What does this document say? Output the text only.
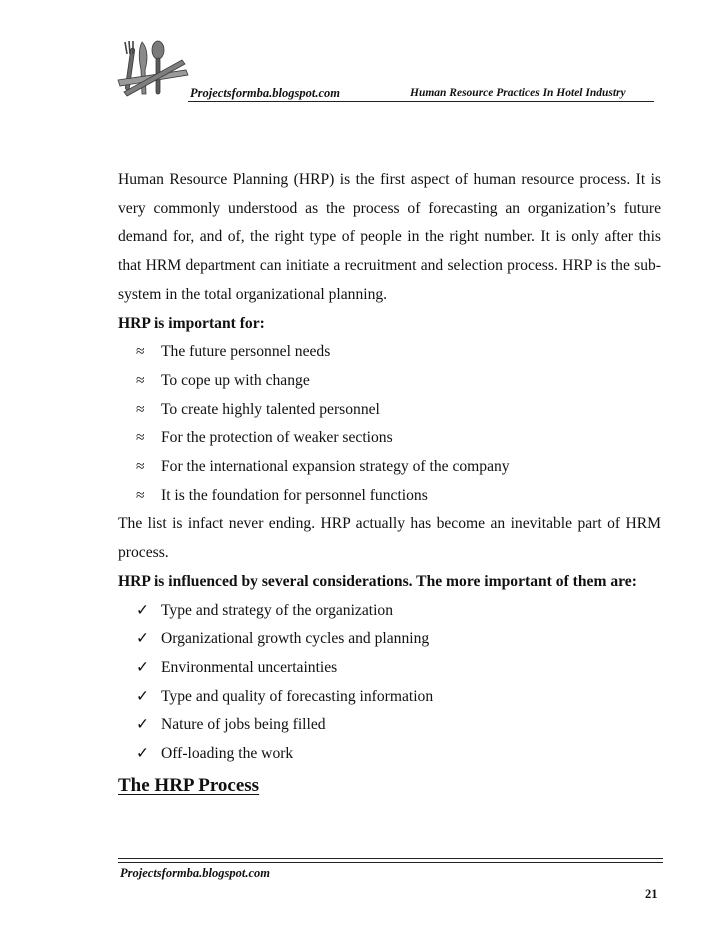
Projectsformba.blogspot.com	Human Resource Practices In Hotel Industry

Human Resource Planning (HRP) is the first aspect of human resource process. It is very commonly understood as the process of forecasting an organization’s future demand for, and of, the right type of people in the right number. It is only after this that HRM department can initiate a recruitment and selection process. HRP is the sub-system in the total organizational planning.

HRP is important for:

≈ The future personnel needs
≈ To cope up with change
≈ To create highly talented personnel
≈ For the protection of weaker sections
≈ For the international expansion strategy of the company
≈ It is the foundation for personnel functions

The list is infact never ending. HRP actually has become an inevitable part of HRM process.

HRP is influenced by several considerations. The more important of them are:

✓ Type and strategy of the organization
✓ Organizational growth cycles and planning
✓ Environmental uncertainties
✓ Type and quality of forecasting information
✓ Nature of jobs being filled
✓ Off-loading the work
The HRP Process
Projectsformba.blogspot.com
21
